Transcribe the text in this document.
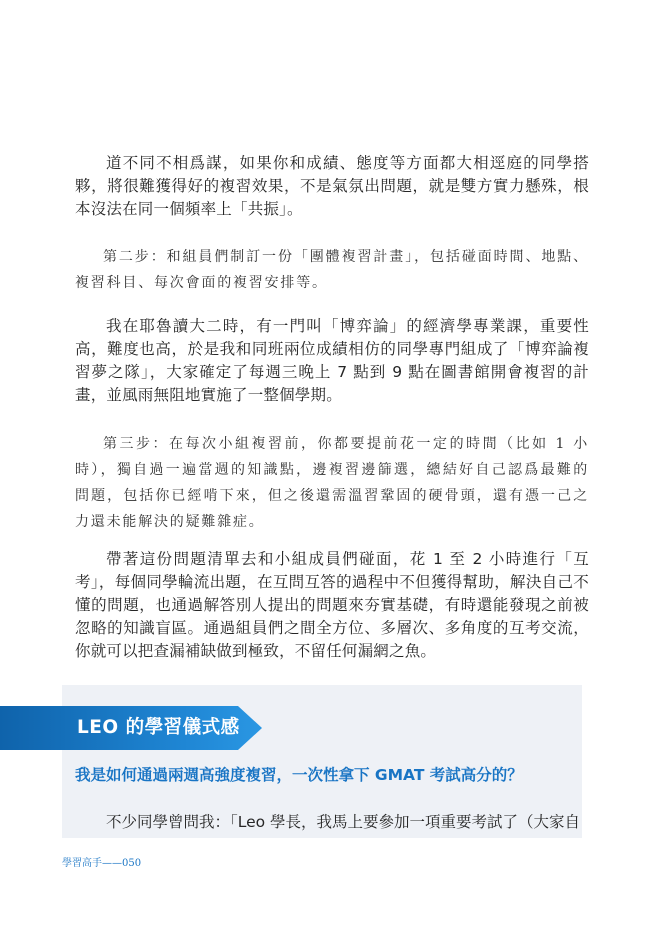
道不同不相爲謀，如果你和成績、態度等方面都大相逕庭的同學搭夥，將很難獲得好的複習效果，不是氣氛出問題，就是雙方實力懸殊，根本沒法在同一個頻率上「共振」。

第二步：和組員們制訂一份「團體複習計畫」，包括碰面時間、地點、複習科目、每次會面的複習安排等。

我在耶魯讀大二時，有一門叫「博弈論」的經濟學專業課，重要性高，難度也高，於是我和同班兩位成績相仿的同學專門組成了「博弈論複習夢之隊」，大家確定了每週三晚上 7 點到 9 點在圖書館開會複習的計畫，並風雨無阻地實施了一整個學期。

第三步：在每次小組複習前，你都要提前花一定的時間（比如 1 小時），獨自過一遍當週的知識點，邊複習邊篩選，總結好自己認爲最難的問題，包括你已經啃下來，但之後還需溫習鞏固的硬骨頭，還有憑一己之力還未能解決的疑難雜症。

帶著這份問題清單去和小組成員們碰面，花 1 至 2 小時進行「互考」，每個同學輪流出題，在互問互答的過程中不但獲得幫助，解決自己不懂的問題，也通過解答別人提出的問題來夯實基礎，有時還能發現之前被忽略的知識盲區。通過組員們之間全方位、多層次、多角度的互考交流，你就可以把查漏補缺做到極致，不留任何漏網之魚。

LEO 的學習儀式感
我是如何通過兩週高強度複習，一次性拿下 GMAT 考試高分的？

不少同學曾問我：「Leo 學長，我馬上要參加一項重要考試了（大家自

學習高手——050
